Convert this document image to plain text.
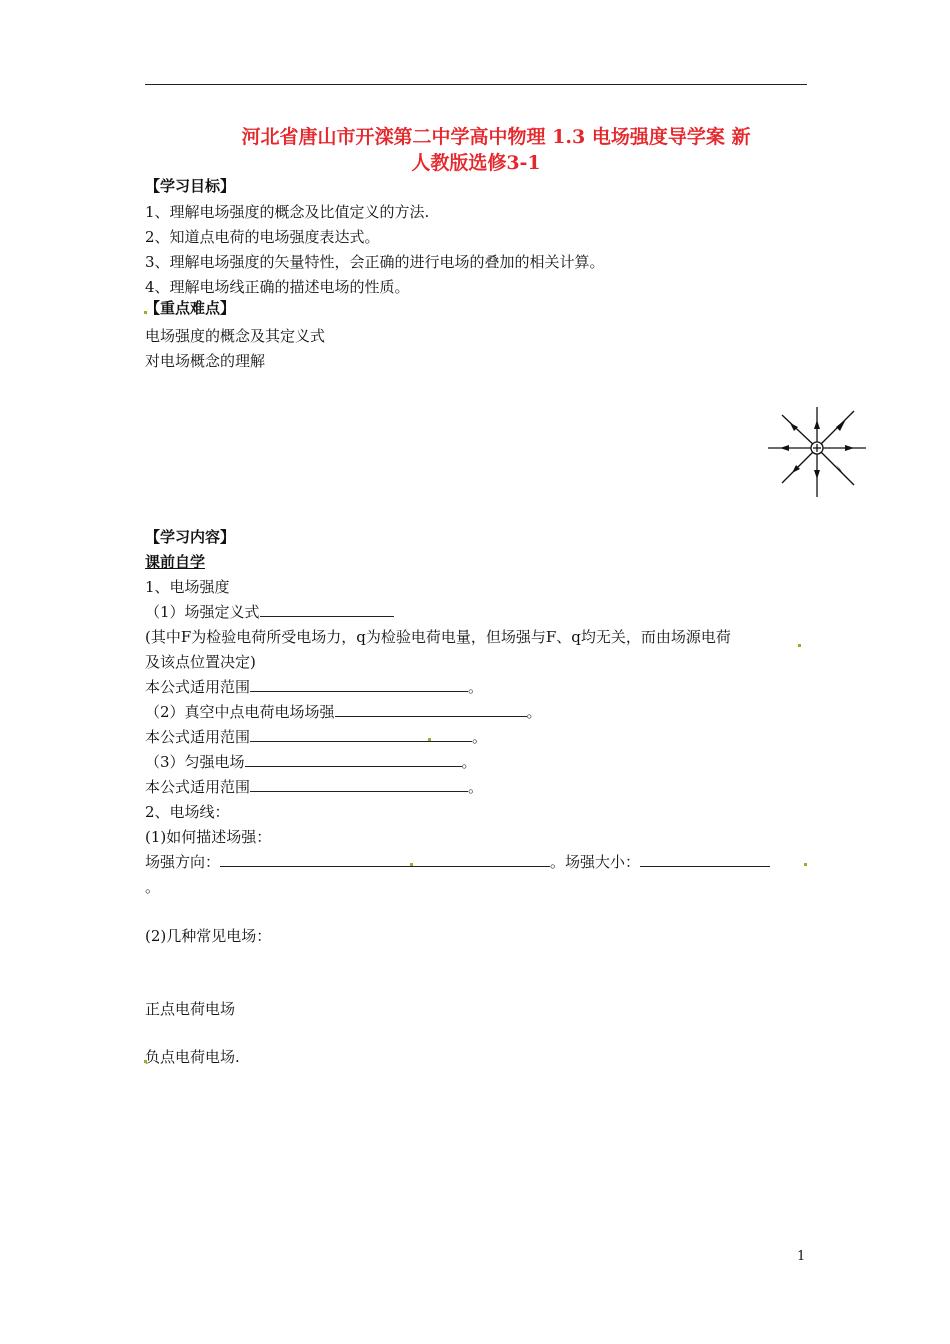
河北省唐山市开滦第二中学高中物理 1.3 电场强度导学案 新
人教版选修3-1
【学习目标】
1、理解电场强度的概念及比值定义的方法.
2、知道点电荷的电场强度表达式。
3、理解电场强度的矢量特性，会正确的进行电场的叠加的相关计算。
4、理解电场线正确的描述电场的性质。
【重点难点】
电场强度的概念及其定义式
对电场概念的理解
【学习内容】
课前自学
1、电场强度
（1）场强定义式
(其中F为检验电荷所受电场力，q为检验电荷电量，但场强与F、q均无关，而由场源电荷
及该点位置决定)
本公式适用范围	。
（2）真空中点电荷电场场强	。
本公式适用范围	。
（3）匀强电场	。
本公式适用范围	。
2、电场线：
(1)如何描述场强：
场强方向：	。场强大小：
。
(2)几种常见电场：
正点电荷电场
负点电荷电场.
1
